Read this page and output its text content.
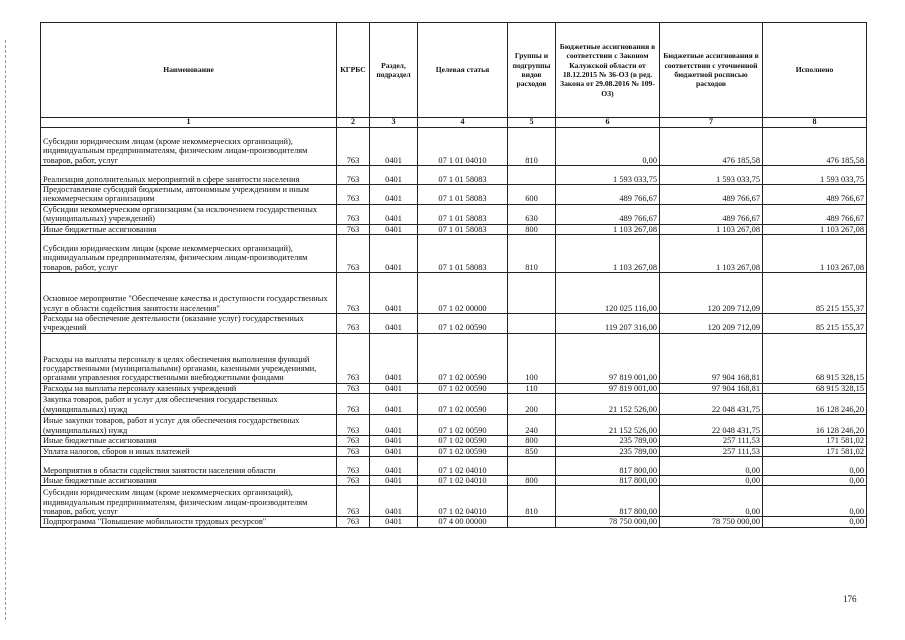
Наименование	КГРБС	Раздел, подраздел	Целевая статья	Группы и подгруппы видов расходов	Бюджетные ассигнования в соответствии с Законом Калужской области от 18.12.2015 № 36-ОЗ (в ред. Закона от 29.08.2016 № 109-ОЗ)	Бюджетные ассигнования в соответствии с уточненной бюджетной росписью расходов	Исполнено
1	2	3	4	5	6	7	8
Субсидии юридическим лицам (кроме некоммерческих организаций), индивидуальным предпринимателям, физическим лицам-производителям товаров, работ, услуг	763	0401	07 1 01 04010	810	0,00	476 185,58	476 185,58
Реализация дополнительных мероприятий в сфере занятости населения	763	0401	07 1 01 58083		1 593 033,75	1 593 033,75	1 593 033,75
Предоставление субсидий бюджетным, автономным учреждениям и иным некоммерческим организациям	763	0401	07 1 01 58083	600	489 766,67	489 766,67	489 766,67
Субсидии некоммерческим организациям (за исключением государственных (муниципальных) учреждений)	763	0401	07 1 01 58083	630	489 766,67	489 766,67	489 766,67
Иные бюджетные ассигнования	763	0401	07 1 01 58083	800	1 103 267,08	1 103 267,08	1 103 267,08
Субсидии юридическим лицам (кроме некоммерческих организаций), индивидуальным предпринимателям, физическим лицам-производителям товаров, работ, услуг	763	0401	07 1 01 58083	810	1 103 267,08	1 103 267,08	1 103 267,08
Основное мероприятие "Обеспечение качества и доступности государственных услуг в области содействия занятости населения"	763	0401	07 1 02 00000		120 025 116,00	120 209 712,09	85 215 155,37
Расходы на обеспечение деятельности (оказание услуг) государственных учреждений	763	0401	07 1 02 00590		119 207 316,00	120 209 712,09	85 215 155,37
Расходы на выплаты персоналу в целях обеспечения выполнения функций государственными (муниципальными) органами, казенными учреждениями, органами управления государственными внебюджетными фондами	763	0401	07 1 02 00590	100	97 819 001,00	97 904 168,81	68 915 328,15
Расходы на выплаты персоналу казенных учреждений	763	0401	07 1 02 00590	110	97 819 001,00	97 904 168,81	68 915 328,15
Закупка товаров, работ и услуг для обеспечения государственных (муниципальных) нужд	763	0401	07 1 02 00590	200	21 152 526,00	22 048 431,75	16 128 246,20
Иные закупки товаров, работ и услуг для обеспечения государственных (муниципальных) нужд	763	0401	07 1 02 00590	240	21 152 526,00	22 048 431,75	16 128 246,20
Иные бюджетные ассигнования	763	0401	07 1 02 00590	800	235 789,00	257 111,53	171 581,02
Уплата налогов, сборов и иных платежей	763	0401	07 1 02 00590	850	235 789,00	257 111,53	171 581,02
Мероприятия в области содействия занятости населения области	763	0401	07 1 02 04010		817 800,00	0,00	0,00
Иные бюджетные ассигнования	763	0401	07 1 02 04010	800	817 800,00	0,00	0,00
Субсидии юридическим лицам (кроме некоммерческих организаций), индивидуальным предпринимателям, физическим лицам-производителям товаров, работ, услуг	763	0401	07 1 02 04010	810	817 800,00	0,00	0,00
Подпрограмма "Повышение мобильности трудовых ресурсов"	763	0401	07 4 00 00000		78 750 000,00	78 750 000,00	0,00
176
